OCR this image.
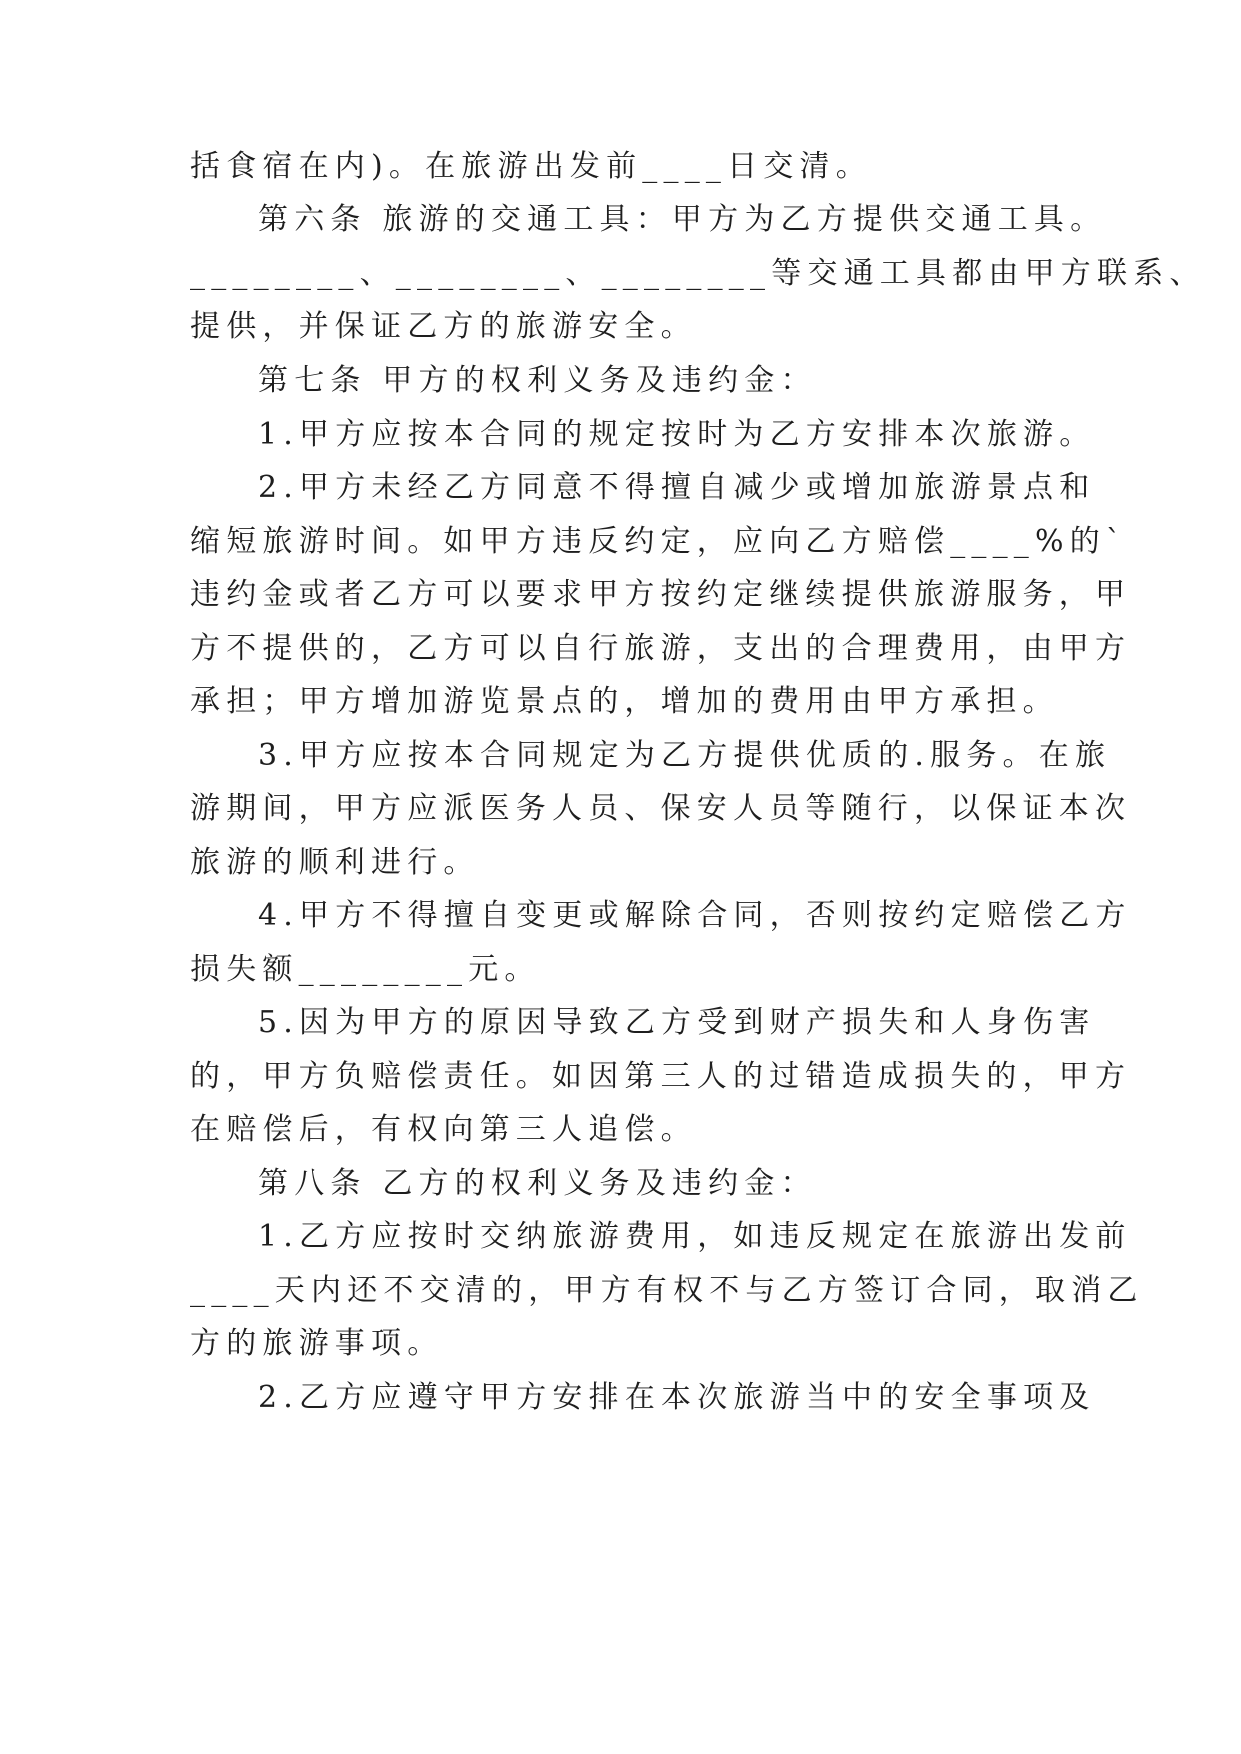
括食宿在内)。在旅游出发前____日交清。
第六条 旅游的交通工具：甲方为乙方提供交通工具。
________、________、________等交通工具都由甲方联系、
提供，并保证乙方的旅游安全。
第七条 甲方的权利义务及违约金：
1.甲方应按本合同的规定按时为乙方安排本次旅游。
2.甲方未经乙方同意不得擅自减少或增加旅游景点和
缩短旅游时间。如甲方违反约定，应向乙方赔偿____%的`
违约金或者乙方可以要求甲方按约定继续提供旅游服务，甲
方不提供的，乙方可以自行旅游，支出的合理费用，由甲方
承担；甲方增加游览景点的，增加的费用由甲方承担。
3.甲方应按本合同规定为乙方提供优质的.服务。在旅
游期间，甲方应派医务人员、保安人员等随行，以保证本次
旅游的顺利进行。
4.甲方不得擅自变更或解除合同，否则按约定赔偿乙方
损失额________元。
5.因为甲方的原因导致乙方受到财产损失和人身伤害
的，甲方负赔偿责任。如因第三人的过错造成损失的，甲方
在赔偿后，有权向第三人追偿。
第八条 乙方的权利义务及违约金：
1.乙方应按时交纳旅游费用，如违反规定在旅游出发前
____天内还不交清的，甲方有权不与乙方签订合同，取消乙
方的旅游事项。
2.乙方应遵守甲方安排在本次旅游当中的安全事项及
